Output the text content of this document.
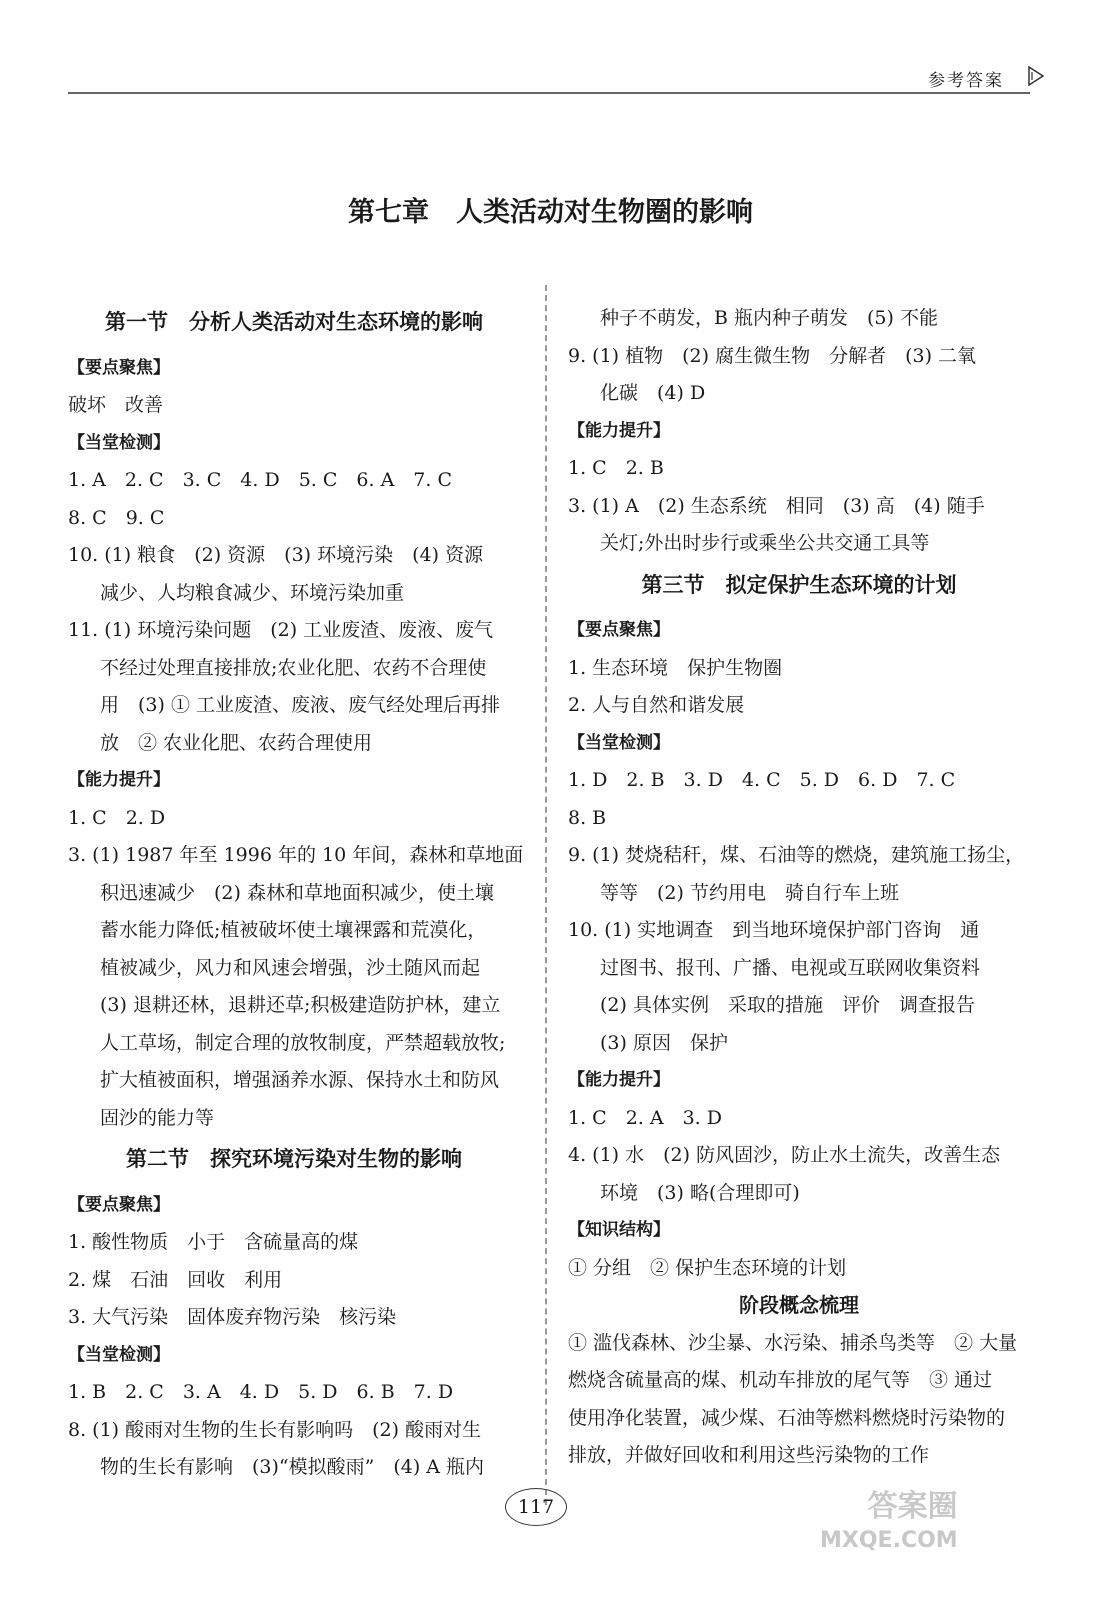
参考答案
第七章　人类活动对生物圈的影响
第一节　分析人类活动对生态环境的影响
【要点聚焦】
破坏　改善
【当堂检测】
1. A　2. C　3. C　4. D　5. C　6. A　7. C
8. C　9. C
10. (1) 粮食　(2) 资源　(3) 环境污染　(4) 资源
减少、人均粮食减少、环境污染加重
11. (1) 环境污染问题　(2) 工业废渣、废液、废气
不经过处理直接排放;农业化肥、农药不合理使
用　(3) ① 工业废渣、废液、废气经处理后再排
放　② 农业化肥、农药合理使用
【能力提升】
1. C　2. D
3. (1) 1987 年至 1996 年的 10 年间，森林和草地面
积迅速减少　(2) 森林和草地面积减少，使土壤
蓄水能力降低;植被破坏使土壤裸露和荒漠化，
植被减少，风力和风速会增强，沙土随风而起
(3) 退耕还林，退耕还草;积极建造防护林，建立
人工草场，制定合理的放牧制度，严禁超载放牧;
扩大植被面积，增强涵养水源、保持水土和防风
固沙的能力等
第二节　探究环境污染对生物的影响
【要点聚焦】
1. 酸性物质　小于　含硫量高的煤
2. 煤　石油　回收　利用
3. 大气污染　固体废弃物污染　核污染
【当堂检测】
1. B　2. C　3. A　4. D　5. D　6. B　7. D
8. (1) 酸雨对生物的生长有影响吗　(2) 酸雨对生
物的生长有影响　(3)“模拟酸雨”　(4) A 瓶内
种子不萌发，B 瓶内种子萌发　(5) 不能
9. (1) 植物　(2) 腐生微生物　分解者　(3) 二氧
化碳　(4) D
【能力提升】
1. C　2. B
3. (1) A　(2) 生态系统　相同　(3) 高　(4) 随手
关灯;外出时步行或乘坐公共交通工具等
第三节　拟定保护生态环境的计划
【要点聚焦】
1. 生态环境　保护生物圈
2. 人与自然和谐发展
【当堂检测】
1. D　2. B　3. D　4. C　5. D　6. D　7. C
8. B
9. (1) 焚烧秸秆，煤、石油等的燃烧，建筑施工扬尘，
等等　(2) 节约用电　骑自行车上班
10. (1) 实地调查　到当地环境保护部门咨询　通
过图书、报刊、广播、电视或互联网收集资料
(2) 具体实例　采取的措施　评价　调查报告
(3) 原因　保护
【能力提升】
1. C　2. A　3. D
4. (1) 水　(2) 防风固沙，防止水土流失，改善生态
环境　(3) 略(合理即可)
【知识结构】
① 分组　② 保护生态环境的计划
阶段概念梳理
① 滥伐森林、沙尘暴、水污染、捕杀鸟类等　② 大量
燃烧含硫量高的煤、机动车排放的尾气等　③ 通过
使用净化装置，减少煤、石油等燃料燃烧时污染物的
排放，并做好回收和利用这些污染物的工作
117	答案圈
MXQE.COM
